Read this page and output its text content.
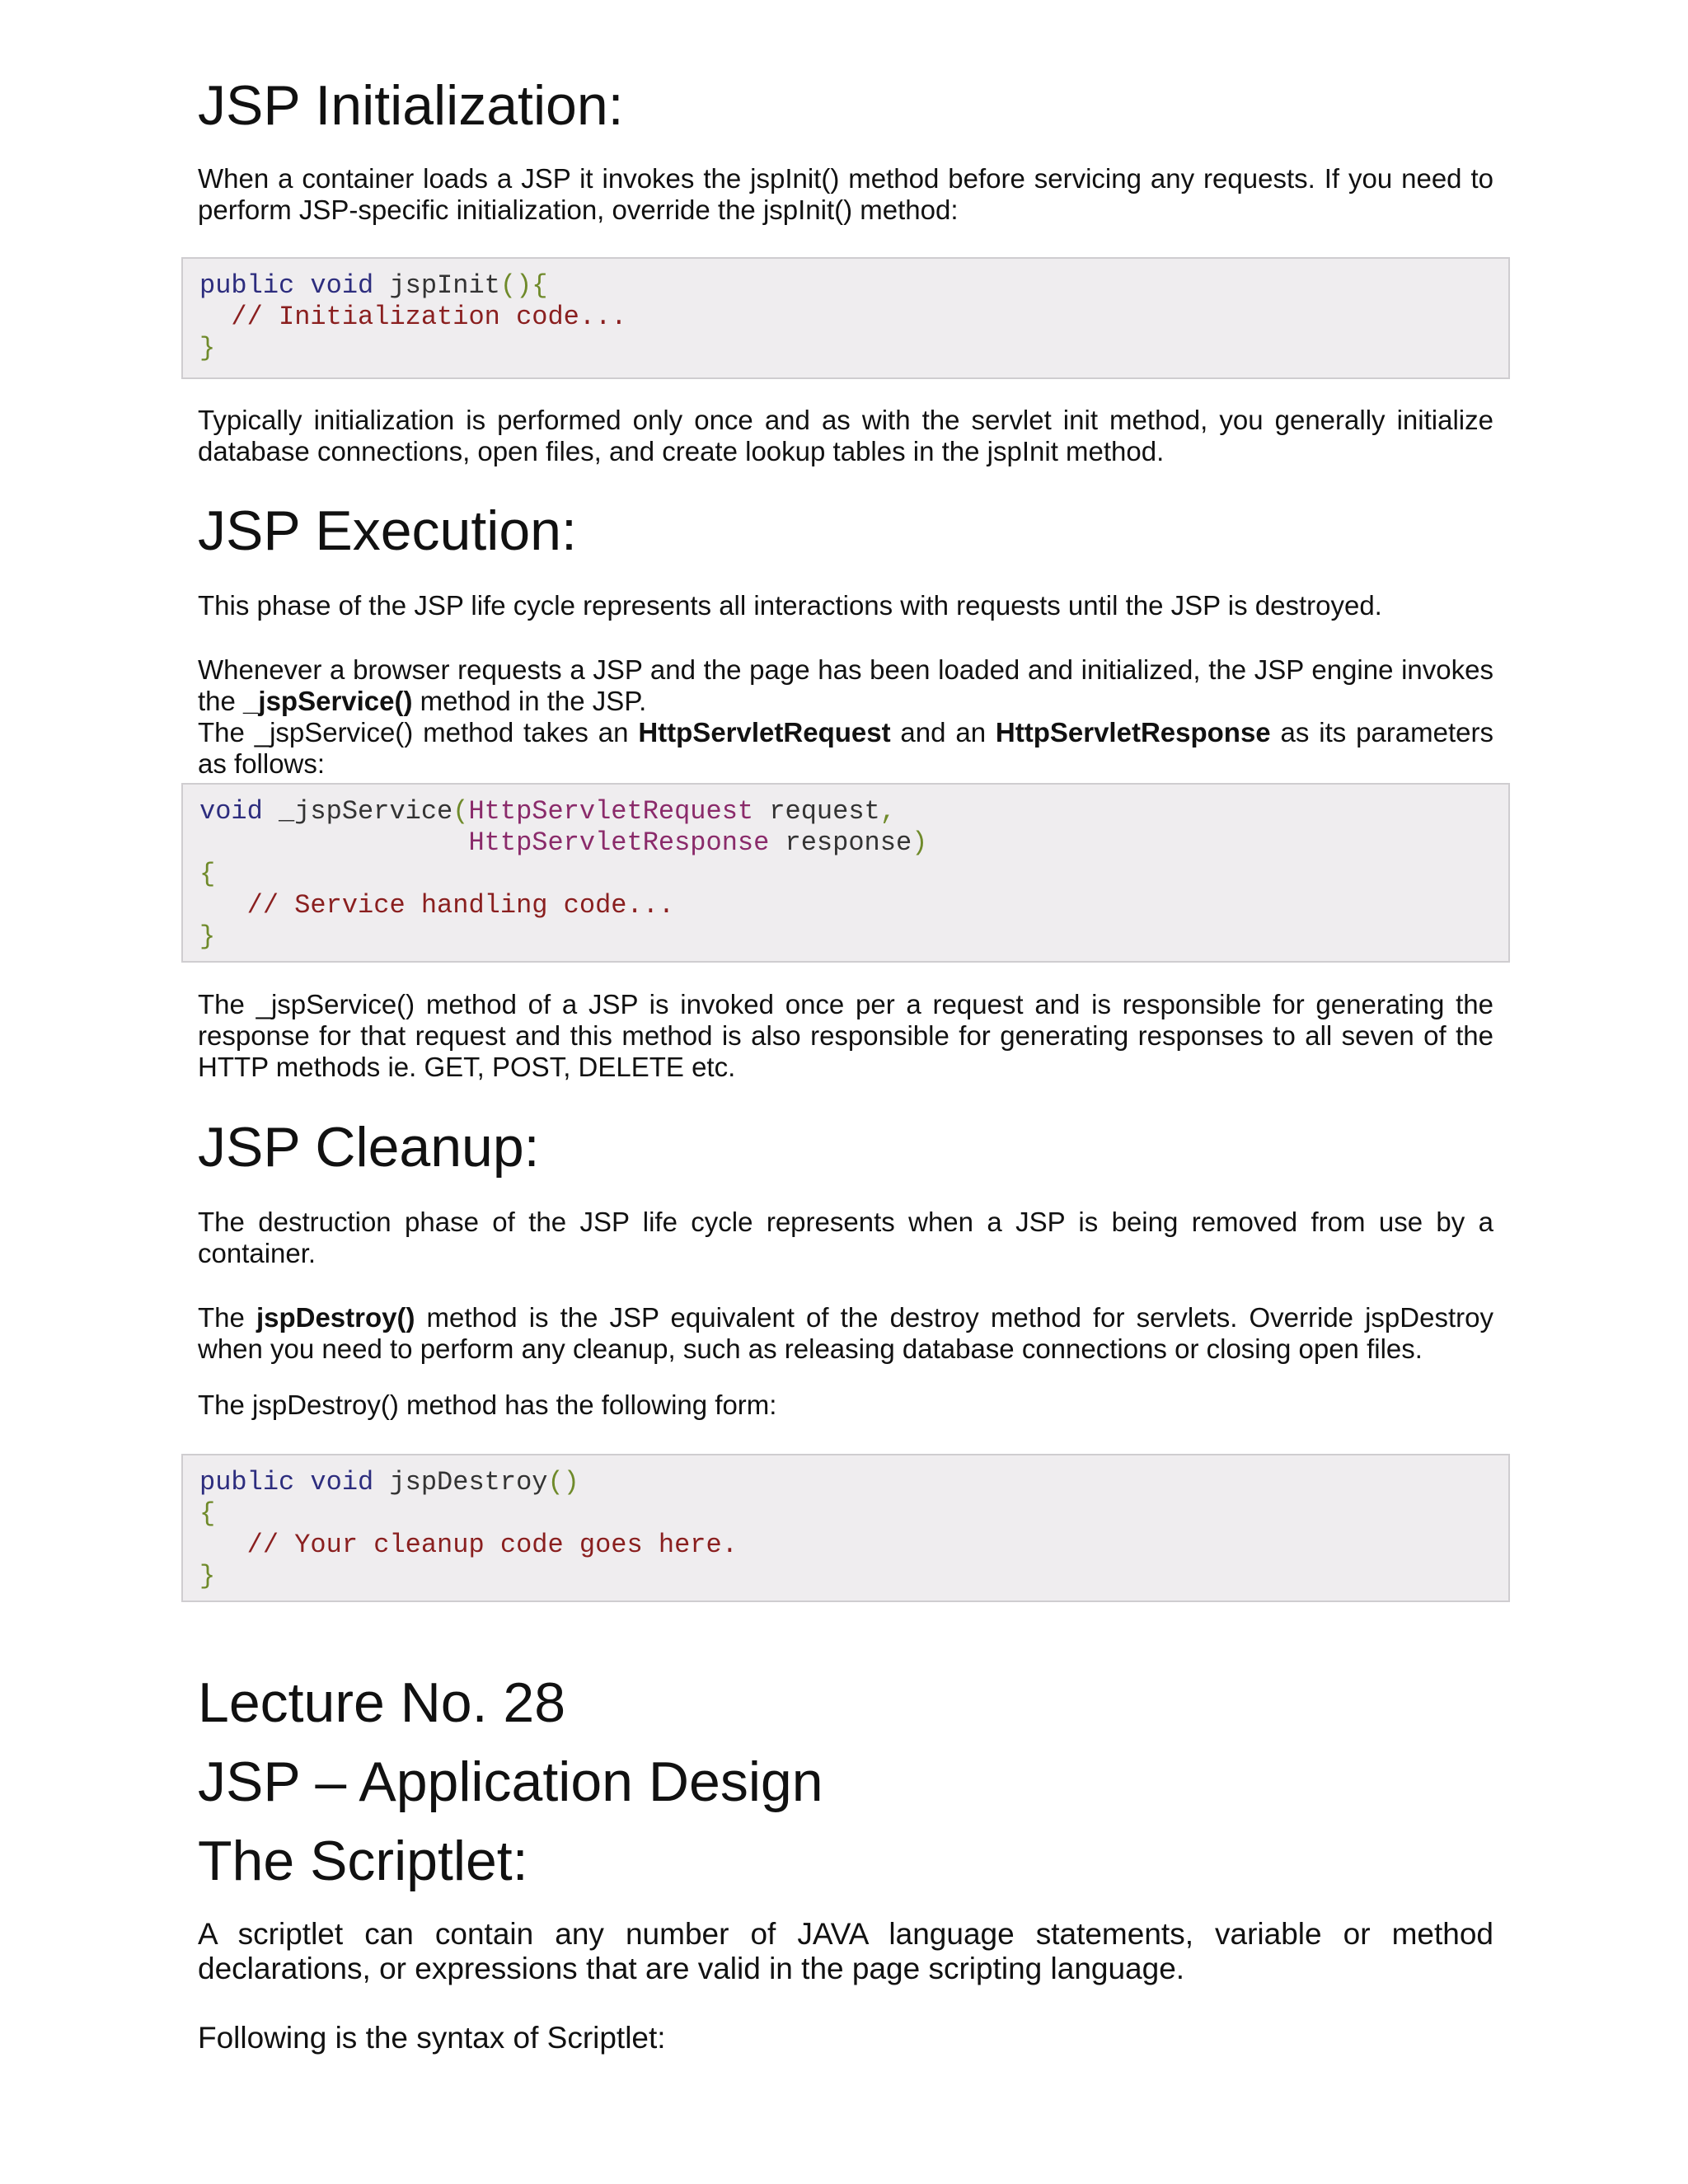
JSP Initialization:

When a container loads a JSP it invokes the jspInit() method before servicing any requests. If you need to perform JSP-specific initialization, override the jspInit() method:

public void jspInit(){
// Initialization code...
}

Typically initialization is performed only once and as with the servlet init method, you generally initialize database connections, open files, and create lookup tables in the jspInit method.

JSP Execution:

This phase of the JSP life cycle represents all interactions with requests until the JSP is destroyed.

Whenever a browser requests a JSP and the page has been loaded and initialized, the JSP engine invokes the _jspService() method in the JSP.
The _jspService() method takes an HttpServletRequest and an HttpServletResponse as its parameters as follows:

void _jspService(HttpServletRequest request,
HttpServletResponse response)
{
// Service handling code...
}

The _jspService() method of a JSP is invoked once per a request and is responsible for generating the response for that request and this method is also responsible for generating responses to all seven of the HTTP methods ie. GET, POST, DELETE etc.

JSP Cleanup:

The destruction phase of the JSP life cycle represents when a JSP is being removed from use by a container.

The jspDestroy() method is the JSP equivalent of the destroy method for servlets. Override jspDestroy when you need to perform any cleanup, such as releasing database connections or closing open files.

The jspDestroy() method has the following form:

public void jspDestroy()
{
// Your cleanup code goes here.
}
Lecture No. 28
JSP – Application Design
The Scriptlet:

A scriptlet can contain any number of JAVA language statements, variable or method declarations, or expressions that are valid in the page scripting language.

Following is the syntax of Scriptlet:
